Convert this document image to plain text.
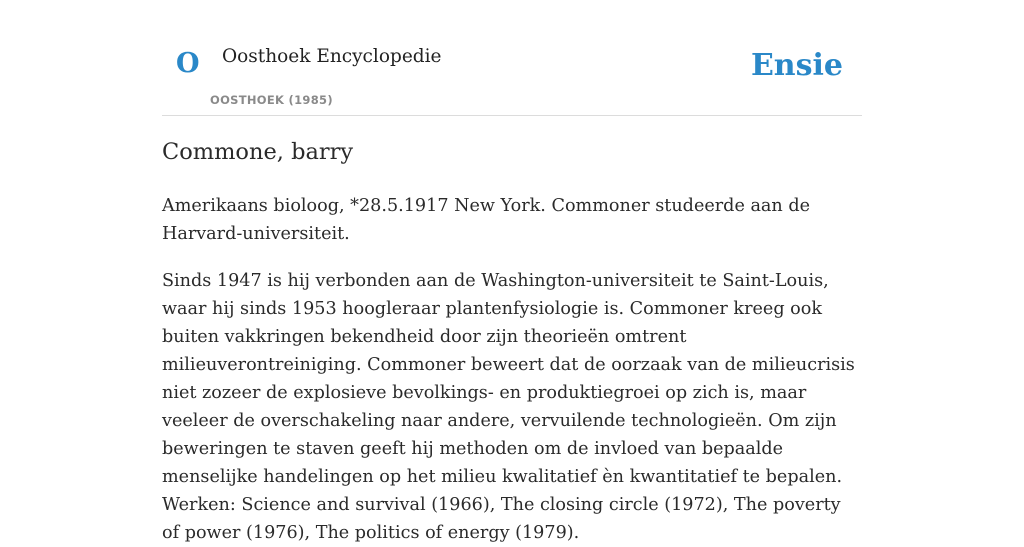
O Oosthoek Encyclopedie
OOSTHOEK (1985)
Ensie
Commone, barry

Amerikaans bioloog, *28.5.1917 New York. Commoner studeerde aan de Harvard-universiteit.

Sinds 1947 is hij verbonden aan de Washington-universiteit te Saint-Louis, waar hij sinds 1953 hoogleraar plantenfysiologie is. Commoner kreeg ook buiten vakkringen bekendheid door zijn theorieën omtrent milieuverontreiniging. Commoner beweert dat de oorzaak van de milieucrisis niet zozeer de explosieve bevolkings- en produktiegroei op zich is, maar veeleer de overschakeling naar andere, vervuilende technologieën. Om zijn beweringen te staven geeft hij methoden om de invloed van bepaalde menselijke handelingen op het milieu kwalitatief èn kwantitatief te bepalen. Werken: Science and survival (1966), The closing circle (1972), The poverty of power (1976), The politics of energy (1979).
